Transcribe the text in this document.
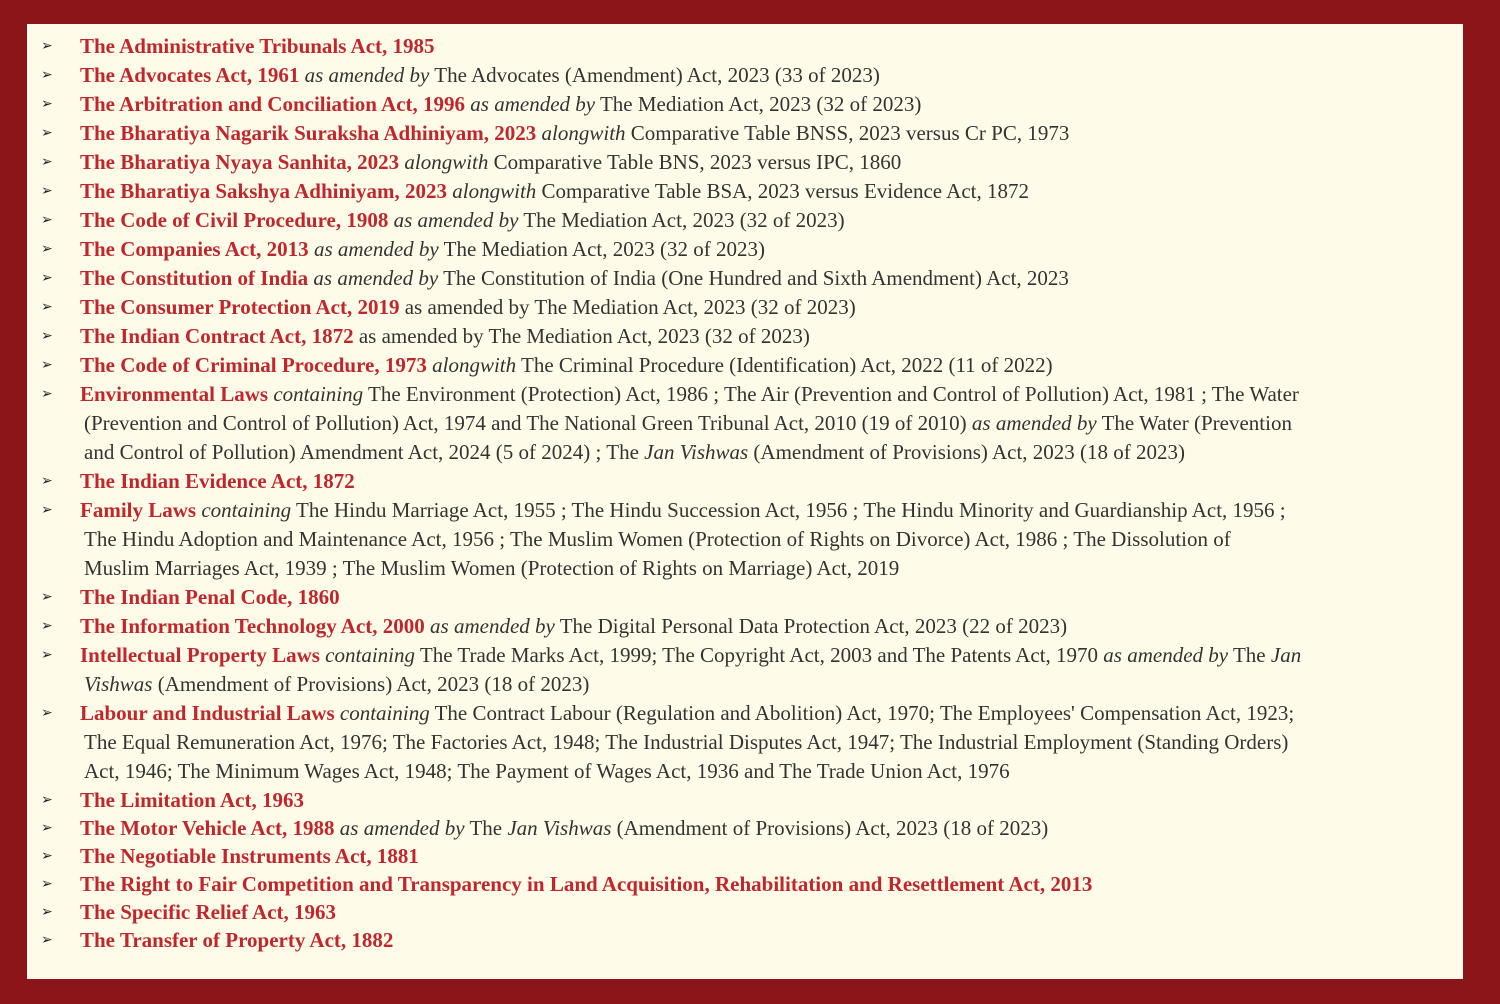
➢ The Administrative Tribunals Act, 1985
➢ The Advocates Act, 1961 as amended by The Advocates (Amendment) Act, 2023 (33 of 2023)
➢ The Arbitration and Conciliation Act, 1996 as amended by The Mediation Act, 2023 (32 of 2023)
➢ The Bharatiya Nagarik Suraksha Adhiniyam, 2023 alongwith Comparative Table BNSS, 2023 versus Cr PC, 1973
➢ The Bharatiya Nyaya Sanhita, 2023 alongwith Comparative Table BNS, 2023 versus IPC, 1860
➢ The Bharatiya Sakshya Adhiniyam, 2023 alongwith Comparative Table BSA, 2023 versus Evidence Act, 1872
➢ The Code of Civil Procedure, 1908 as amended by The Mediation Act, 2023 (32 of 2023)
➢ The Companies Act, 2013 as amended by The Mediation Act, 2023 (32 of 2023)
➢ The Constitution of India as amended by The Constitution of India (One Hundred and Sixth Amendment) Act, 2023
➢ The Consumer Protection Act, 2019 as amended by The Mediation Act, 2023 (32 of 2023)
➢ The Indian Contract Act, 1872 as amended by The Mediation Act, 2023 (32 of 2023)
➢ The Code of Criminal Procedure, 1973 alongwith The Criminal Procedure (Identification) Act, 2022 (11 of 2022)
➢ Environmental Laws containing The Environment (Protection) Act, 1986 ; The Air (Prevention and Control of Pollution) Act, 1981 ; The Water
(Prevention and Control of Pollution) Act, 1974 and The National Green Tribunal Act, 2010 (19 of 2010) as amended by The Water (Prevention
and Control of Pollution) Amendment Act, 2024 (5 of 2024) ; The Jan Vishwas (Amendment of Provisions) Act, 2023 (18 of 2023)
➢ The Indian Evidence Act, 1872
➢ Family Laws containing The Hindu Marriage Act, 1955 ; The Hindu Succession Act, 1956 ; The Hindu Minority and Guardianship Act, 1956 ;
The Hindu Adoption and Maintenance Act, 1956 ; The Muslim Women (Protection of Rights on Divorce) Act, 1986 ; The Dissolution of
Muslim Marriages Act, 1939 ; The Muslim Women (Protection of Rights on Marriage) Act, 2019
➢ The Indian Penal Code, 1860
➢ The Information Technology Act, 2000 as amended by The Digital Personal Data Protection Act, 2023 (22 of 2023)
➢ Intellectual Property Laws containing The Trade Marks Act, 1999; The Copyright Act, 2003 and The Patents Act, 1970 as amended by The Jan
Vishwas (Amendment of Provisions) Act, 2023 (18 of 2023)
➢ Labour and Industrial Laws containing The Contract Labour (Regulation and Abolition) Act, 1970; The Employees' Compensation Act, 1923;
The Equal Remuneration Act, 1976; The Factories Act, 1948; The Industrial Disputes Act, 1947; The Industrial Employment (Standing Orders)
Act, 1946; The Minimum Wages Act, 1948; The Payment of Wages Act, 1936 and The Trade Union Act, 1976
➢ The Limitation Act, 1963
➢ The Motor Vehicle Act, 1988 as amended by The Jan Vishwas (Amendment of Provisions) Act, 2023 (18 of 2023)
➢ The Negotiable Instruments Act, 1881
➢ The Right to Fair Competition and Transparency in Land Acquisition, Rehabilitation and Resettlement Act, 2013
➢ The Specific Relief Act, 1963
➢ The Transfer of Property Act, 1882
